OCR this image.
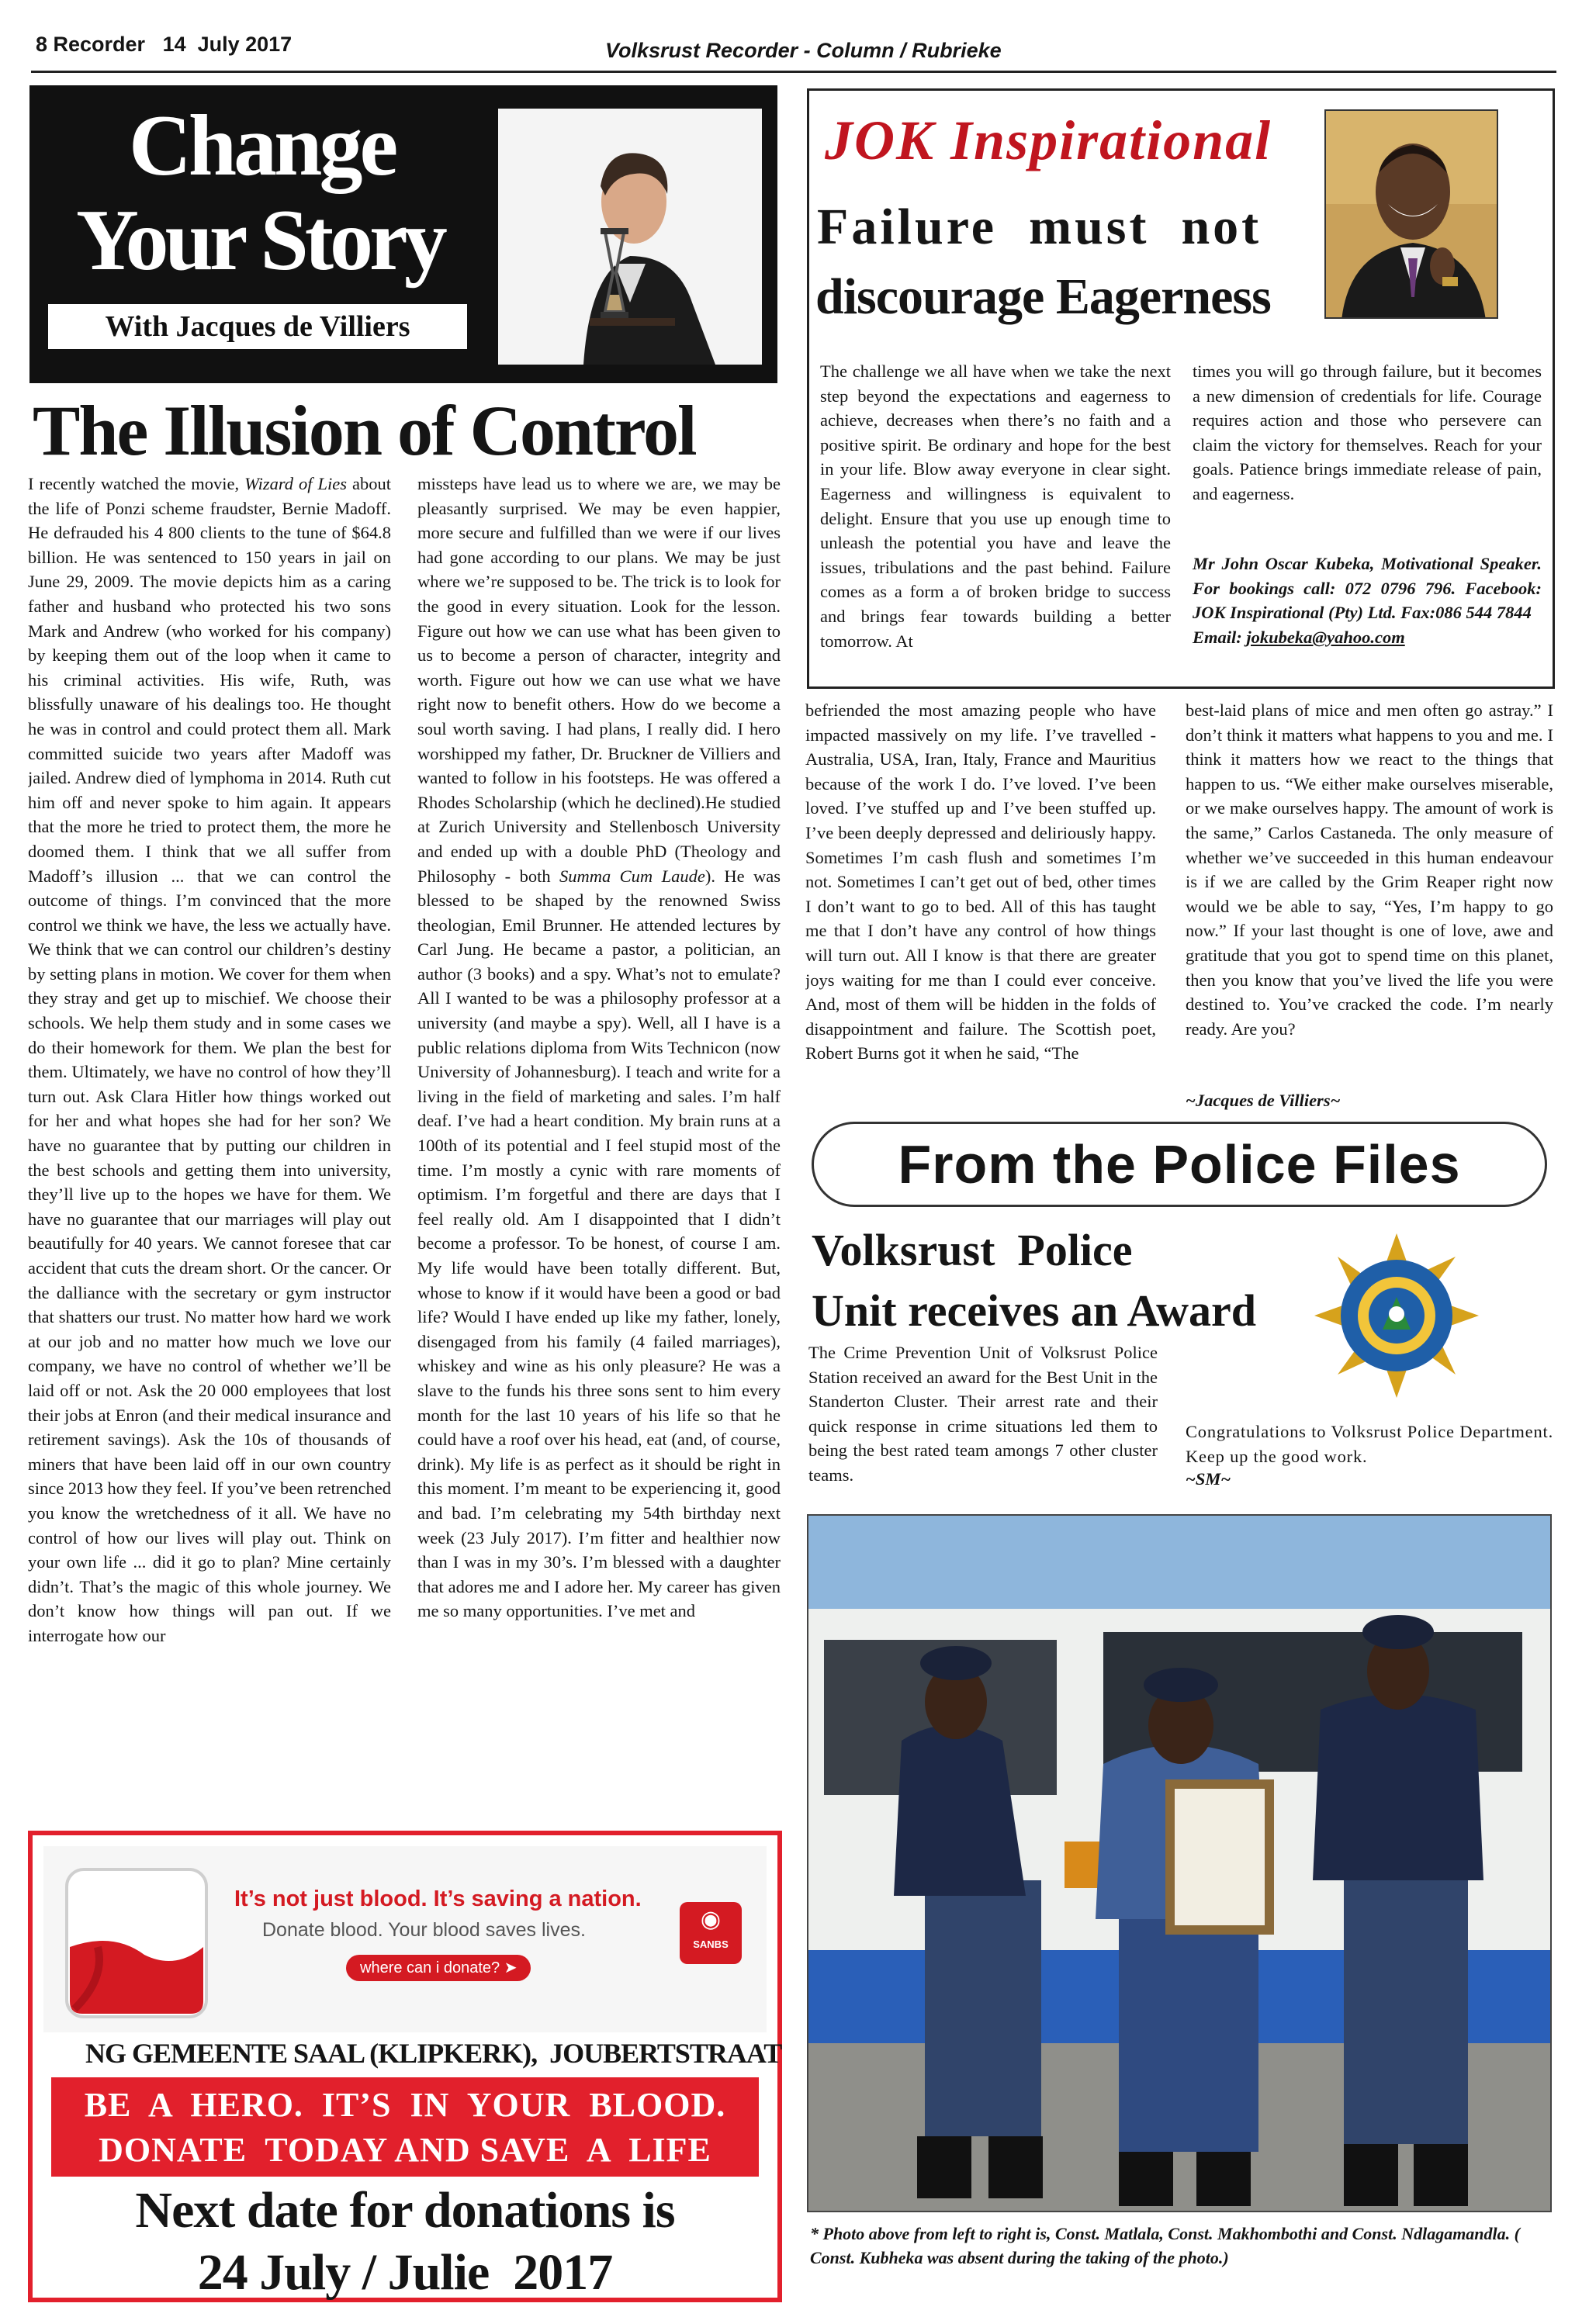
8 Recorder   14  July 2017	Volksrust Recorder - Column / Rubrieke
Change
Your Story
With Jacques de Villiers
The Illusion of Control

I recently watched the movie, Wizard of Lies about the life of Ponzi scheme fraudster, Bernie Madoff. He defrauded his 4 800 clients to the tune of $64.8 billion. He was sentenced to 150 years in jail on June 29, 2009. The movie depicts him as a caring father and husband who protected his two sons Mark and Andrew (who worked for his company) by keeping them out of the loop when it came to his criminal activities. His wife, Ruth, was blissfully unaware of his dealings too. He thought he was in control and could protect them all. Mark committed suicide two years after Madoff was jailed. Andrew died of lymphoma in 2014. Ruth cut him off and never spoke to him again. It appears that the more he tried to protect them, the more he doomed them. I think that we all suffer from Madoff’s illusion ... that we can control the outcome of things. I’m convinced that the more control we think we have, the less we actually have. We think that we can control our children’s destiny by setting plans in motion. We cover for them when they stray and get up to mischief. We choose their schools. We help them study and in some cases we do their homework for them. We plan the best for them. Ultimately, we have no control of how they’ll turn out. Ask Clara Hitler how things worked out for her and what hopes she had for her son? We have no guarantee that by putting our children in the best schools and getting them into university, they’ll live up to the hopes we have for them. We have no guarantee that our marriages will play out beautifully for 40 years. We cannot foresee that car accident that cuts the dream short. Or the cancer. Or the dalliance with the secretary or gym instructor that shatters our trust. No matter how hard we work at our job and no matter how much we love our company, we have no control of whether we’ll be laid off or not. Ask the 20 000 employees that lost their jobs at Enron (and their medical insurance and retirement savings). Ask the 10s of thousands of miners that have been laid off in our own country since 2013 how they feel. If you’ve been retrenched you know the wretchedness of it all. We have no control of how our lives will play out. Think on your own life ... did it go to plan? Mine certainly didn’t. That’s the magic of this whole journey. We don’t know how things will pan out. If we interrogate how our

missteps have lead us to where we are, we may be pleasantly surprised. We may be even happier, more secure and fulfilled than we were if our lives had gone according to our plans. We may be just where we’re supposed to be. The trick is to look for the good in every situation. Look for the lesson. Figure out how we can use what has been given to us to become a person of character, integrity and worth. Figure out how we can use what we have right now to benefit others. How do we become a soul worth saving. I had plans, I really did. I hero worshipped my father, Dr. Bruckner de Villiers and wanted to follow in his footsteps. He was offered a Rhodes Scholarship (which he declined).He studied at Zurich University and Stellenbosch University and ended up with a double PhD (Theology and Philosophy - both Summa Cum Laude). He was blessed to be shaped by the renowned Swiss theologian, Emil Brunner. He attended lectures by Carl Jung. He became a pastor, a politician, an author (3 books) and a spy. What’s not to emulate? All I wanted to be was a philosophy professor at a university (and maybe a spy). Well, all I have is a public relations diploma from Wits Technicon (now University of Johannesburg). I teach and write for a living in the field of marketing and sales. I’m half deaf. I’ve had a heart condition. My brain runs at a 100th of its potential and I feel stupid most of the time. I’m mostly a cynic with rare moments of optimism. I’m forgetful and there are days that I feel really old. Am I disappointed that I didn’t become a professor. To be honest, of course I am. My life would have been totally different. But, whose to know if it would have been a good or bad life? Would I have ended up like my father, lonely, disengaged from his family (4 failed marriages), whiskey and wine as his only pleasure? He was a slave to the funds his three sons sent to him every month for the last 10 years of his life so that he could have a roof over his head, eat (and, of course, drink). My life is as perfect as it should be right in this moment. I’m meant to be experiencing it, good and bad. I’m celebrating my 54th birthday next week (23 July 2017). I’m fitter and healthier now than I was in my 30’s. I’m blessed with a daughter that adores me and I adore her. My career has given me so many opportunities. I’ve met and

befriended the most amazing people who have impacted massively on my life. I’ve travelled - Australia, USA, Iran, Italy, France and Mauritius because of the work I do. I’ve loved. I’ve been loved. I’ve stuffed up and I’ve been stuffed up. I’ve been deeply depressed and deliriously happy. Sometimes I’m cash flush and sometimes I’m not. Sometimes I can’t get out of bed, other times I don’t want to go to bed. All of this has taught me that I don’t have any control of how things will turn out. All I know is that there are greater joys waiting for me than I could ever conceive. And, most of them will be hidden in the folds of disappointment and failure. The Scottish poet, Robert Burns got it when he said, “The

best-laid plans of mice and men often go astray.” I don’t think it matters what happens to you and me. I think it matters how we react to the things that happen to us. “We either make ourselves miserable, or we make ourselves happy. The amount of work is the same,” Carlos Castaneda. The only measure of whether we’ve succeeded in this human endeavour is if we are called by the Grim Reaper right now would we be able to say, “Yes, I’m happy to go now.” If your last thought is one of love, awe and gratitude that you got to spend time on this planet, then you know that you’ve lived the life you were destined to. You’ve cracked the code. I’m nearly ready. Are you?

~Jacques de Villiers~
JOK Inspirational
Failure  must  not
discourage Eagerness
The challenge we all have when we take the next step beyond the expectations and eagerness to achieve, decreases when there’s no faith and a positive spirit. Be ordinary and hope for the best in your life. Blow away everyone in clear sight. Eagerness and willingness is equivalent to delight. Ensure that you use up enough time to unleash the potential you have and leave the issues, tribulations and the past behind. Failure comes as a form a of broken bridge to success and brings fear towards building a better tomorrow. At
times you will go through failure, but it becomes a new dimension of credentials for life. Courage requires action and those who persevere can claim the victory for themselves. Reach for your goals. Patience brings immediate release of pain, and eagerness.
Mr John Oscar Kubeka, Motivational Speaker. For bookings call: 072 0796 796. Facebook: JOK Inspirational (Pty) Ltd. Fax:086 544 7844
Email: jokubeka@yahoo.com
From the Police Files
Volksrust  Police
Unit receives an Award
The Crime Prevention Unit of Volksrust Police Station received an award for the Best Unit in the Standerton Cluster. Their arrest rate and their quick response in crime situations led them to being the best rated team amongs 7 other cluster teams.
Congratulations to Volksrust Police Department. Keep up the good work.
~SM~
* Photo above from left to right is, Const. Matlala, Const. Makhombothi and Const. Ndlagamandla. ( Const. Kubheka was absent during the taking of the photo.)
It’s not just blood. It’s saving a nation.
Donate blood. Your blood saves lives.
where can i donate? ➤
◉
SANBS
NG GEMEENTE SAAL (KLIPKERK),  JOUBERTSTRAAT
BE  A  HERO.  IT’S  IN  YOUR  BLOOD.
DONATE  TODAY AND SAVE  A  LIFE
Next date for donations is
24 July / Julie  2017
